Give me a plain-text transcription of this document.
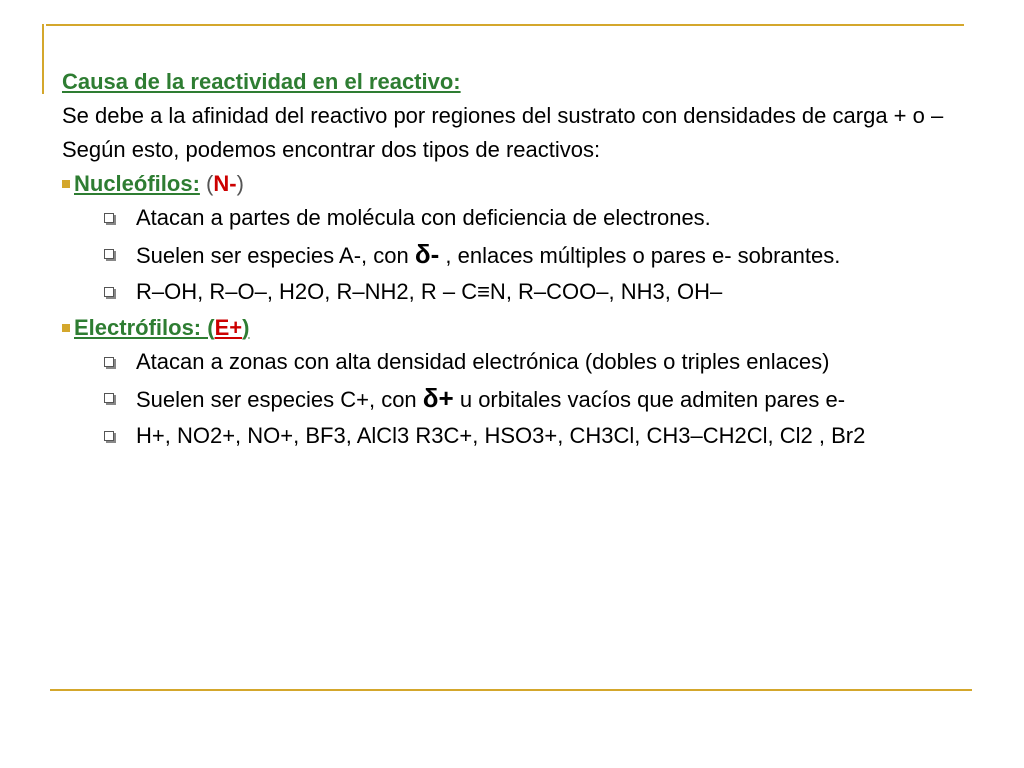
Causa de la reactividad en el reactivo:

Se debe a la afinidad del reactivo por regiones del sustrato con densidades de carga + o –

Según esto, podemos encontrar dos tipos de reactivos:

Nucleófilos: (N-)
Atacan a partes de molécula con deficiencia de electrones.
Suelen ser especies A-, con δ- , enlaces múltiples o pares e- sobrantes.
R–OH, R–O–, H2O, R–NH2, R – C≡N, R–COO–, NH3, OH–
Electrófilos: (E+)
Atacan a zonas con alta densidad electrónica (dobles o triples enlaces)
Suelen ser especies C+, con δ+ u orbitales vacíos que admiten pares e-
H+, NO2+, NO+, BF3, AlCl3 R3C+, HSO3+, CH3Cl, CH3–CH2Cl, Cl2 , Br2
